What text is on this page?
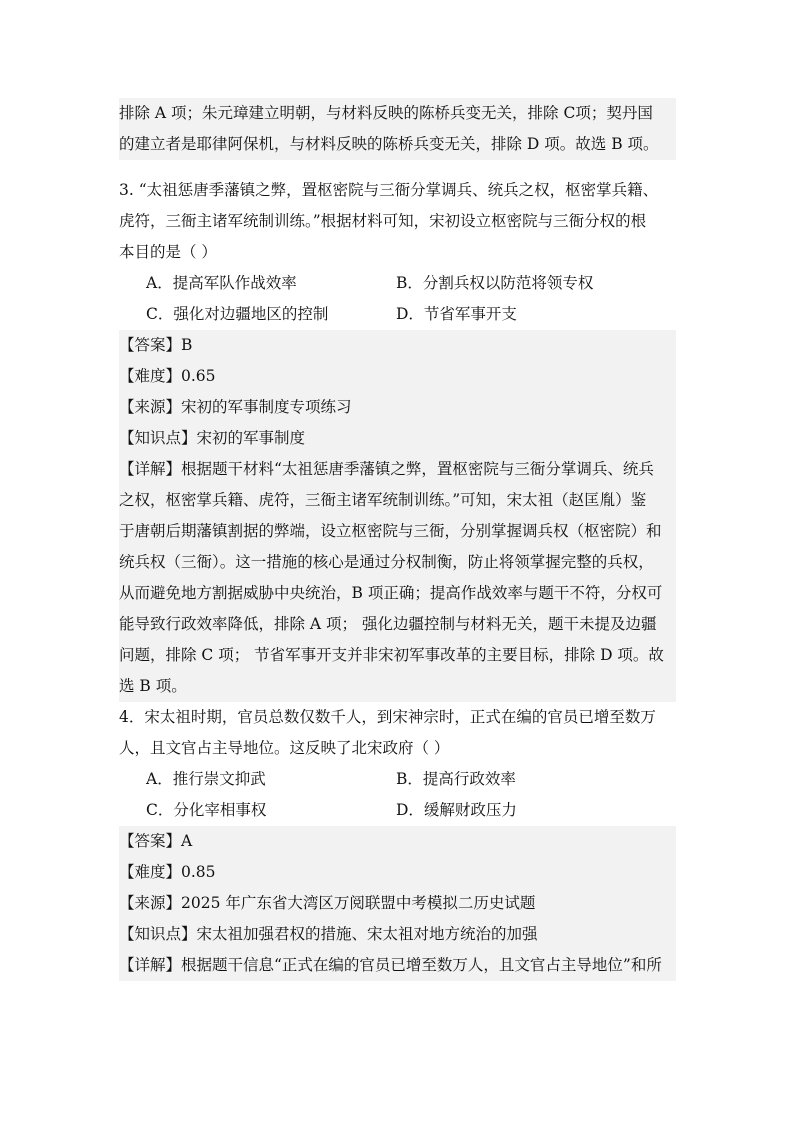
排除 A 项；朱元璋建立明朝，与材料反映的陈桥兵变无关，排除 C项；契丹国
的建立者是耶律阿保机，与材料反映的陈桥兵变无关，排除 D 项。故选 B 项。
3. “太祖惩唐季藩镇之弊，置枢密院与三衙分掌调兵、统兵之权，枢密掌兵籍、
虎符，三衙主诸军统制训练。”根据材料可知，宋初设立枢密院与三衙分权的根
本目的是（ ）
A．提高军队作战效率	B．分割兵权以防范将领专权
C．强化对边疆地区的控制	D．节省军事开支
【答案】B
【难度】0.65
【来源】宋初的军事制度专项练习
【知识点】宋初的军事制度
【详解】根据题干材料“太祖惩唐季藩镇之弊，置枢密院与三衙分掌调兵、统兵
之权，枢密掌兵籍、虎符，三衙主诸军统制训练。”可知，宋太祖（赵匡胤）鉴
于唐朝后期藩镇割据的弊端，设立枢密院与三衙，分别掌握调兵权（枢密院）和
统兵权（三衙）。这一措施的核心是通过分权制衡，防止将领掌握完整的兵权，
从而避免地方割据威胁中央统治，B 项正确；提高作战效率与题干不符，分权可
能导致行政效率降低，排除 A 项； 强化边疆控制与材料无关，题干未提及边疆
问题，排除 C 项； 节省军事开支并非宋初军事改革的主要目标，排除 D 项。故
选 B 项。
4．宋太祖时期，官员总数仅数千人，到宋神宗时，正式在编的官员已增至数万
人，且文官占主导地位。这反映了北宋政府（ ）
A．推行崇文抑武	B．提高行政效率
C．分化宰相事权	D．缓解财政压力
【答案】A
【难度】0.85
【来源】2025 年广东省大湾区万阅联盟中考模拟二历史试题
【知识点】宋太祖加强君权的措施、宋太祖对地方统治的加强
【详解】根据题干信息“正式在编的官员已增至数万人，且文官占主导地位”和所
